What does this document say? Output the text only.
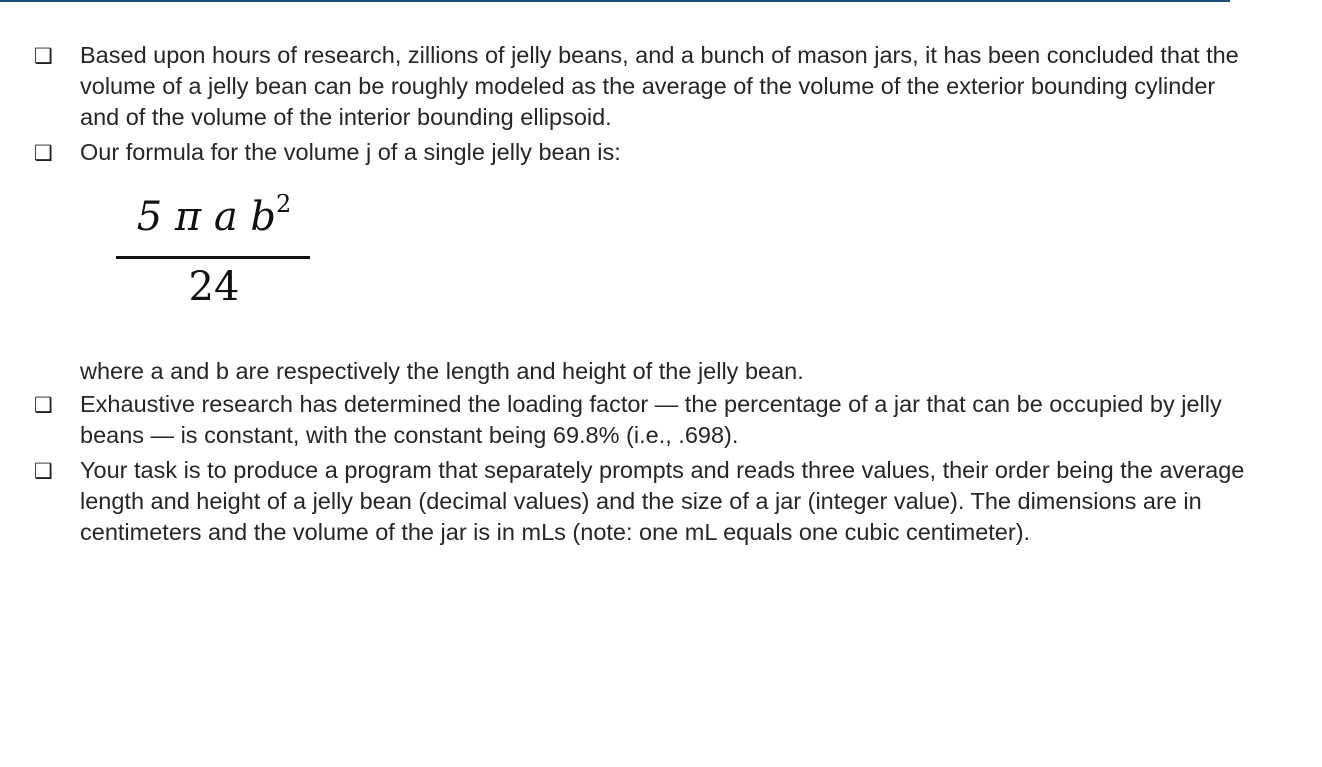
❑ Based upon hours of research, zillions of jelly beans, and a bunch of mason jars, it has been concluded that the volume of a jelly bean can be roughly modeled as the average of the volume of the exterior bounding cylinder and of the volume of the interior bounding ellipsoid.
❑ Our formula for the volume j of a single jelly bean is:
5 π a $b^2$
24
where a and b are respectively the length and height of the jelly bean.
❑ Exhaustive research has determined the loading factor — the percentage of a jar that can be occupied by jelly beans — is constant, with the constant being 69.8% (i.e., .698).
❑ Your task is to produce a program that separately prompts and reads three values, their order being the average length and height of a jelly bean (decimal values) and the size of a jar (integer value). The dimensions are in centimeters and the volume of the jar is in mLs (note: one mL equals one cubic centimeter).
